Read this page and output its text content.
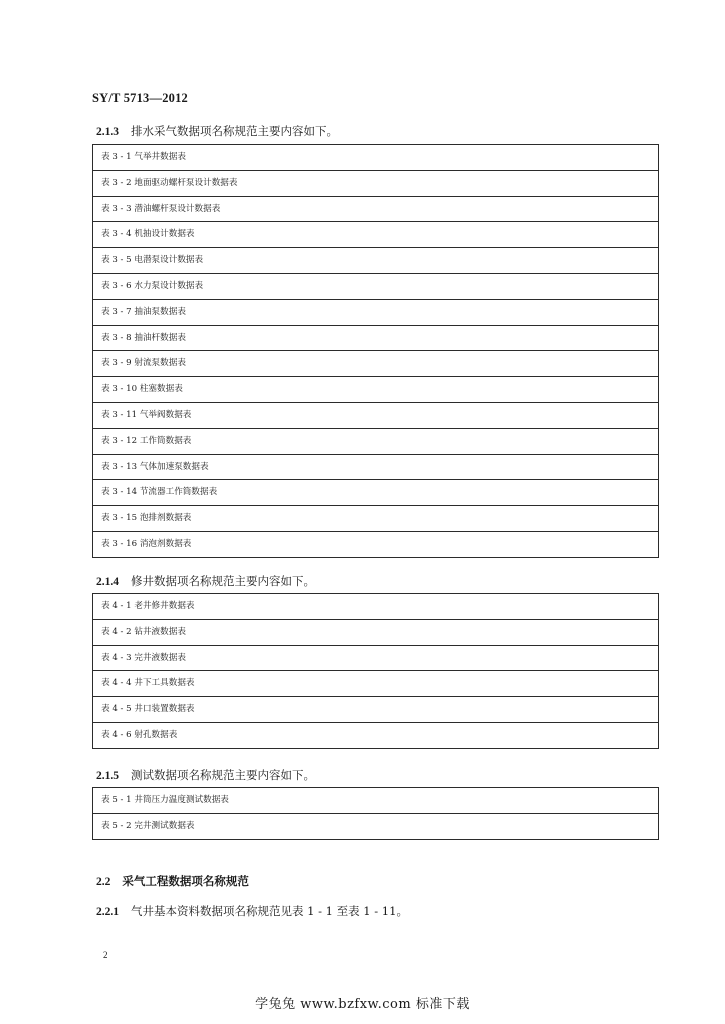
SY/T 5713—2012
2.1.3 排水采气数据项名称规范主要内容如下。
表 3 - 1 气举井数据表
表 3 - 2 地面驱动螺杆泵设计数据表
表 3 - 3 潜油螺杆泵设计数据表
表 3 - 4 机抽设计数据表
表 3 - 5 电潜泵设计数据表
表 3 - 6 水力泵设计数据表
表 3 - 7 抽油泵数据表
表 3 - 8 抽油杆数据表
表 3 - 9 射流泵数据表
表 3 - 10 柱塞数据表
表 3 - 11 气举阀数据表
表 3 - 12 工作筒数据表
表 3 - 13 气体加速泵数据表
表 3 - 14 节流器工作筒数据表
表 3 - 15 泡排剂数据表
表 3 - 16 消泡剂数据表
2.1.4 修井数据项名称规范主要内容如下。
表 4 - 1 老井修井数据表
表 4 - 2 钻井液数据表
表 4 - 3 完井液数据表
表 4 - 4 井下工具数据表
表 4 - 5 井口装置数据表
表 4 - 6 射孔数据表
2.1.5 测试数据项名称规范主要内容如下。
表 5 - 1 井筒压力温度测试数据表
表 5 - 2 完井测试数据表
2.2 采气工程数据项名称规范
2.2.1 气井基本资料数据项名称规范见表 1 - 1 至表 1 - 11。
2
学兔兔 www.bzfxw.com 标准下载
